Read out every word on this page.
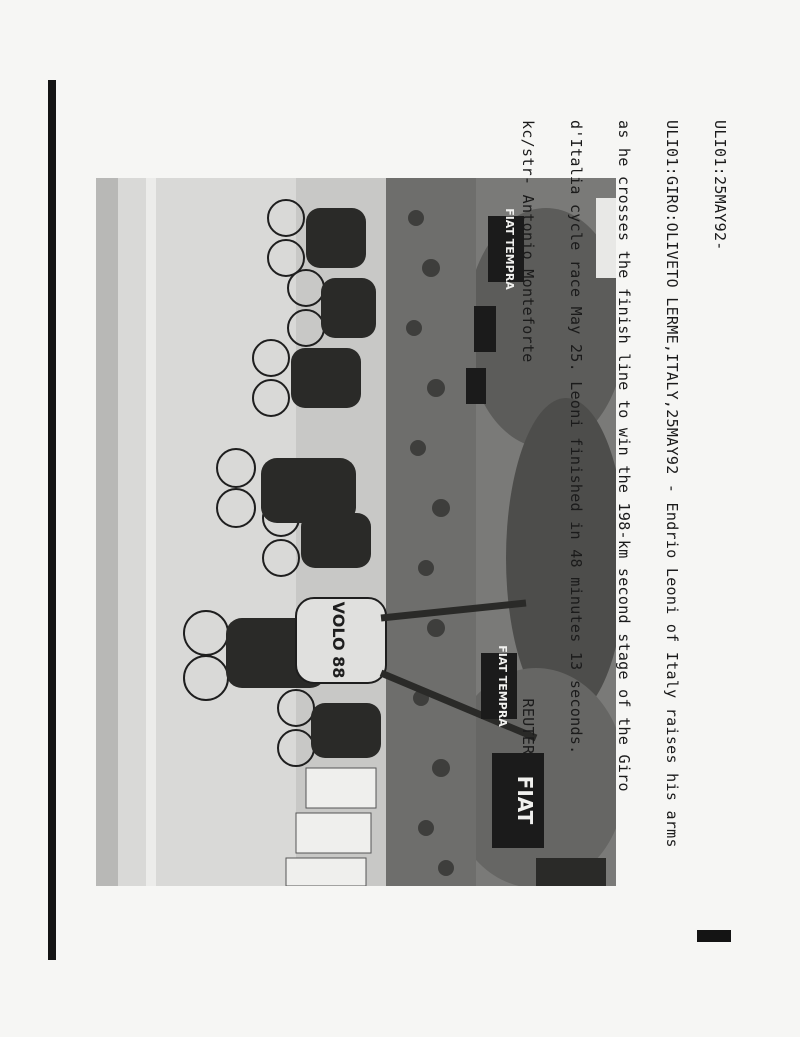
VOLO 88
FIAT TEMPRA
FIAT TEMPRA
FIAT

ULI01:25MAY92-

ULI01:GIRO:OLIVETO LERME,ITALY,25MAY92 - Endrio Leoni of Italy raises his arms

as he crosses the finish line to win the 198-km second stage of the Giro

d'Italia cycle race May 25. Leoni finished in 48 minutes 13 seconds.

kc/str- Antonio Monteforte                                    REUTER
